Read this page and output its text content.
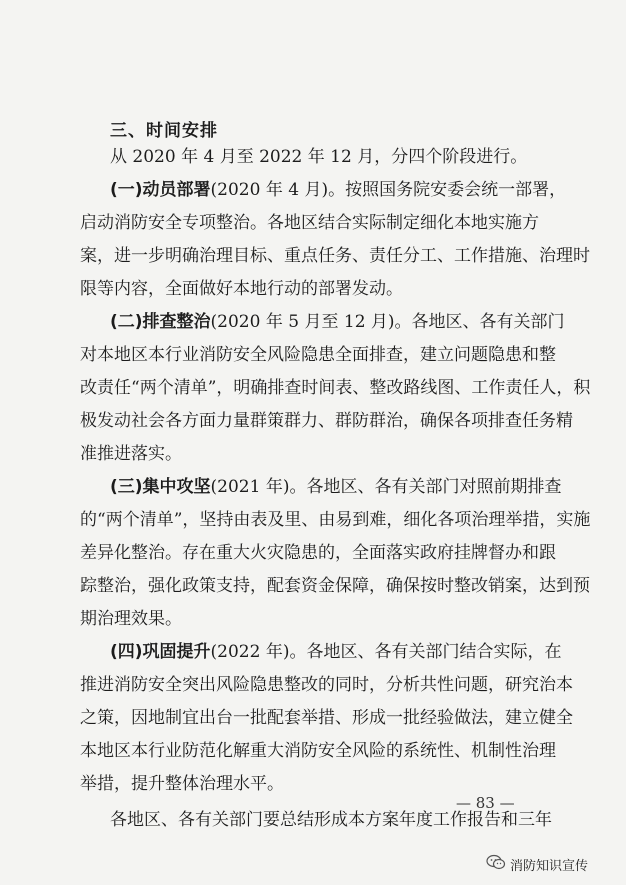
三、时间安排
从 2020 年 4 月至 2022 年 12 月，分四个阶段进行。
(一)动员部署(2020 年 4 月)。按照国务院安委会统一部署，
启动消防安全专项整治。各地区结合实际制定细化本地实施方
案，进一步明确治理目标、重点任务、责任分工、工作措施、治理时
限等内容，全面做好本地行动的部署发动。
(二)排查整治(2020 年 5 月至 12 月)。各地区、各有关部门
对本地区本行业消防安全风险隐患全面排查，建立问题隐患和整
改责任“两个清单”，明确排查时间表、整改路线图、工作责任人，积
极发动社会各方面力量群策群力、群防群治，确保各项排查任务精
准推进落实。
(三)集中攻坚(2021 年)。各地区、各有关部门对照前期排查
的“两个清单”，坚持由表及里、由易到难，细化各项治理举措，实施
差异化整治。存在重大火灾隐患的，全面落实政府挂牌督办和跟
踪整治，强化政策支持，配套资金保障，确保按时整改销案，达到预
期治理效果。
(四)巩固提升(2022 年)。各地区、各有关部门结合实际，在
推进消防安全突出风险隐患整改的同时，分析共性问题，研究治本
之策，因地制宜出台一批配套举措、形成一批经验做法，建立健全
本地区本行业防范化解重大消防安全风险的系统性、机制性治理
举措，提升整体治理水平。
各地区、各有关部门要总结形成本方案年度工作报告和三年
— 83 —
消防知识宣传
